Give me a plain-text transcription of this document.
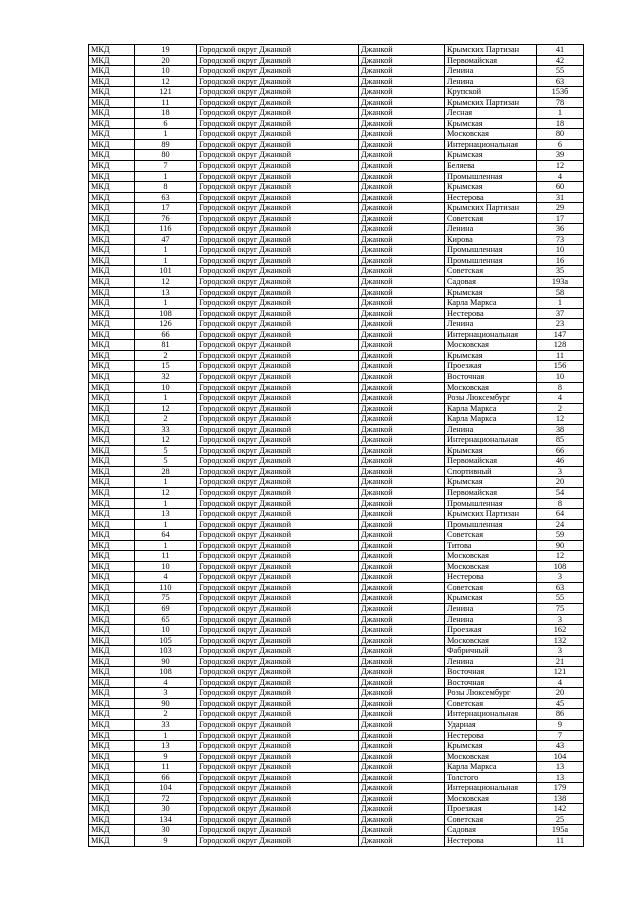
МКД	19	Городской округ Джанкой	Джанкой	Крымских Партизан	41
МКД	20	Городской округ Джанкой	Джанкой	Первомайская	42
МКД	10	Городской округ Джанкой	Джанкой	Ленина	55
МКД	12	Городской округ Джанкой	Джанкой	Ленина	63
МКД	121	Городской округ Джанкой	Джанкой	Крупской	153б
МКД	11	Городской округ Джанкой	Джанкой	Крымских Партизан	78
МКД	18	Городской округ Джанкой	Джанкой	Лесная	1
МКД	6	Городской округ Джанкой	Джанкой	Крымская	18
МКД	1	Городской округ Джанкой	Джанкой	Московская	80
МКД	89	Городской округ Джанкой	Джанкой	Интернациональная	6
МКД	80	Городской округ Джанкой	Джанкой	Крымская	39
МКД	7	Городской округ Джанкой	Джанкой	Беляева	12
МКД	1	Городской округ Джанкой	Джанкой	Промышленная	4
МКД	8	Городской округ Джанкой	Джанкой	Крымская	60
МКД	63	Городской округ Джанкой	Джанкой	Нестерова	31
МКД	17	Городской округ Джанкой	Джанкой	Крымских Партизан	29
МКД	76	Городской округ Джанкой	Джанкой	Советская	17
МКД	116	Городской округ Джанкой	Джанкой	Ленина	36
МКД	47	Городской округ Джанкой	Джанкой	Кирова	73
МКД	1	Городской округ Джанкой	Джанкой	Промышленная	10
МКД	1	Городской округ Джанкой	Джанкой	Промышленная	16
МКД	101	Городской округ Джанкой	Джанкой	Советская	35
МКД	12	Городской округ Джанкой	Джанкой	Садовая	193а
МКД	13	Городской округ Джанкой	Джанкой	Крымская	58
МКД	1	Городской округ Джанкой	Джанкой	Карла Маркса	1
МКД	108	Городской округ Джанкой	Джанкой	Нестерова	37
МКД	126	Городской округ Джанкой	Джанкой	Ленина	23
МКД	66	Городской округ Джанкой	Джанкой	Интернациональная	147
МКД	81	Городской округ Джанкой	Джанкой	Московская	128
МКД	2	Городской округ Джанкой	Джанкой	Крымская	11
МКД	15	Городской округ Джанкой	Джанкой	Проезжая	156
МКД	32	Городской округ Джанкой	Джанкой	Восточная	10
МКД	10	Городской округ Джанкой	Джанкой	Московская	8
МКД	1	Городской округ Джанкой	Джанкой	Розы Люксембург	4
МКД	12	Городской округ Джанкой	Джанкой	Карла Маркса	2
МКД	2	Городской округ Джанкой	Джанкой	Карла Маркса	12
МКД	33	Городской округ Джанкой	Джанкой	Ленина	38
МКД	12	Городской округ Джанкой	Джанкой	Интернациональная	85
МКД	5	Городской округ Джанкой	Джанкой	Крымская	66
МКД	5	Городской округ Джанкой	Джанкой	Первомайская	46
МКД	28	Городской округ Джанкой	Джанкой	Спортивный	3
МКД	1	Городской округ Джанкой	Джанкой	Крымская	20
МКД	12	Городской округ Джанкой	Джанкой	Первомайская	54
МКД	1	Городской округ Джанкой	Джанкой	Промышленная	8
МКД	13	Городской округ Джанкой	Джанкой	Крымских Партизан	64
МКД	1	Городской округ Джанкой	Джанкой	Промышленная	24
МКД	64	Городской округ Джанкой	Джанкой	Советская	59
МКД	1	Городской округ Джанкой	Джанкой	Титова	90
МКД	11	Городской округ Джанкой	Джанкой	Московская	12
МКД	10	Городской округ Джанкой	Джанкой	Московская	108
МКД	4	Городской округ Джанкой	Джанкой	Нестерова	3
МКД	110	Городской округ Джанкой	Джанкой	Советская	63
МКД	75	Городской округ Джанкой	Джанкой	Крымская	55
МКД	69	Городской округ Джанкой	Джанкой	Ленина	75
МКД	65	Городской округ Джанкой	Джанкой	Ленина	3
МКД	10	Городской округ Джанкой	Джанкой	Проезжая	162
МКД	105	Городской округ Джанкой	Джанкой	Московская	132
МКД	103	Городской округ Джанкой	Джанкой	Фабричный	3
МКД	90	Городской округ Джанкой	Джанкой	Ленина	21
МКД	108	Городской округ Джанкой	Джанкой	Восточная	121
МКД	4	Городской округ Джанкой	Джанкой	Восточная	4
МКД	3	Городской округ Джанкой	Джанкой	Розы Люксембург	20
МКД	90	Городской округ Джанкой	Джанкой	Советская	45
МКД	2	Городской округ Джанкой	Джанкой	Интернациональная	86
МКД	33	Городской округ Джанкой	Джанкой	Ударная	9
МКД	1	Городской округ Джанкой	Джанкой	Нестерова	7
МКД	13	Городской округ Джанкой	Джанкой	Крымская	43
МКД	9	Городской округ Джанкой	Джанкой	Московская	104
МКД	11	Городской округ Джанкой	Джанкой	Карла Маркса	13
МКД	66	Городской округ Джанкой	Джанкой	Толстого	13
МКД	104	Городской округ Джанкой	Джанкой	Интернациональная	179
МКД	72	Городской округ Джанкой	Джанкой	Московская	138
МКД	30	Городской округ Джанкой	Джанкой	Проезжая	142
МКД	134	Городской округ Джанкой	Джанкой	Советская	25
МКД	30	Городской округ Джанкой	Джанкой	Садовая	195а
МКД	9	Городской округ Джанкой	Джанкой	Нестерова	11
